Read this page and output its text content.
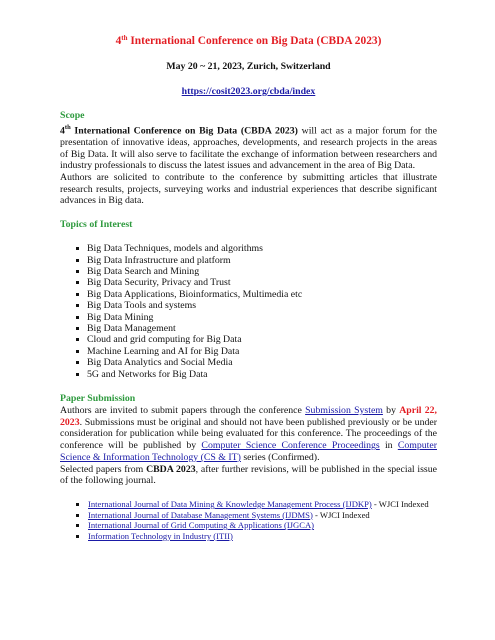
4th International Conference on Big Data (CBDA 2023)
May 20 ~ 21, 2023, Zurich, Switzerland
https://cosit2023.org/cbda/index
Scope

4th International Conference on Big Data (CBDA 2023) will act as a major forum for the presentation of innovative ideas, approaches, developments, and research projects in the areas of Big Data. It will also serve to facilitate the exchange of information between researchers and industry professionals to discuss the latest issues and advancement in the area of Big Data.

Authors are solicited to contribute to the conference by submitting articles that illustrate research results, projects, surveying works and industrial experiences that describe significant advances in Big data.

Topics of Interest
Big Data Techniques, models and algorithms
Big Data Infrastructure and platform
Big Data Search and Mining
Big Data Security, Privacy and Trust
Big Data Applications, Bioinformatics, Multimedia etc
Big Data Tools and systems
Big Data Mining
Big Data Management
Cloud and grid computing for Big Data
Machine Learning and AI for Big Data
Big Data Analytics and Social Media
5G and Networks for Big Data
Paper Submission

Authors are invited to submit papers through the conference Submission System by April 22, 2023. Submissions must be original and should not have been published previously or be under consideration for publication while being evaluated for this conference. The proceedings of the conference will be published by Computer Science Conference Proceedings in Computer Science & Information Technology (CS & IT) series (Confirmed).

Selected papers from CBDA 2023, after further revisions, will be published in the special issue of the following journal.

International Journal of Data Mining & Knowledge Management Process (IJDKP) - WJCI Indexed
International Journal of Database Management Systems (IJDMS) - WJCI Indexed
International Journal of Grid Computing & Applications (IJGCA)
Information Technology in Industry (ITII)
